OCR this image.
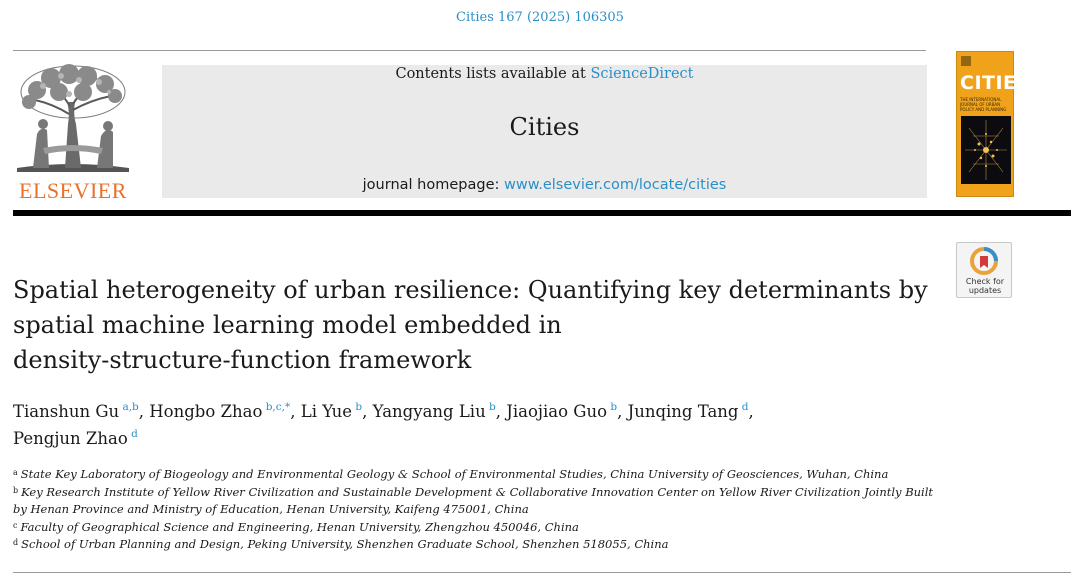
Cities 167 (2025) 106305
ELSEVIER
Contents lists available at ScienceDirect
Cities
journal homepage: www.elsevier.com/locate/cities
CITIES
THE INTERNATIONAL JOURNAL OF URBAN POLICY AND PLANNING
Check for
updates
Spatial heterogeneity of urban resilience: Quantifying key determinants by
spatial machine learning model embedded in
density-structure-function framework

Tianshun Gu  $^{a,b}$, Hongbo Zhao  $^{b,c,*}$, Li Yue  $^b$, Yangyang Liu  $^b$, Jiaojiao Guo  $^b$, Junqing Tang  $^d$,
Pengjun Zhao  $^d$

$^a$ State Key Laboratory of Biogeology and Environmental Geology & School of Environmental Studies, China University of Geosciences, Wuhan, China
$^b$ Key Research Institute of Yellow River Civilization and Sustainable Development & Collaborative Innovation Center on Yellow River Civilization Jointly Built by Henan Province and Ministry of Education, Henan University, Kaifeng 475001, China
$^c$ Faculty of Geographical Science and Engineering, Henan University, Zhengzhou 450046, China
$^d$ School of Urban Planning and Design, Peking University, Shenzhen Graduate School, Shenzhen 518055, China
